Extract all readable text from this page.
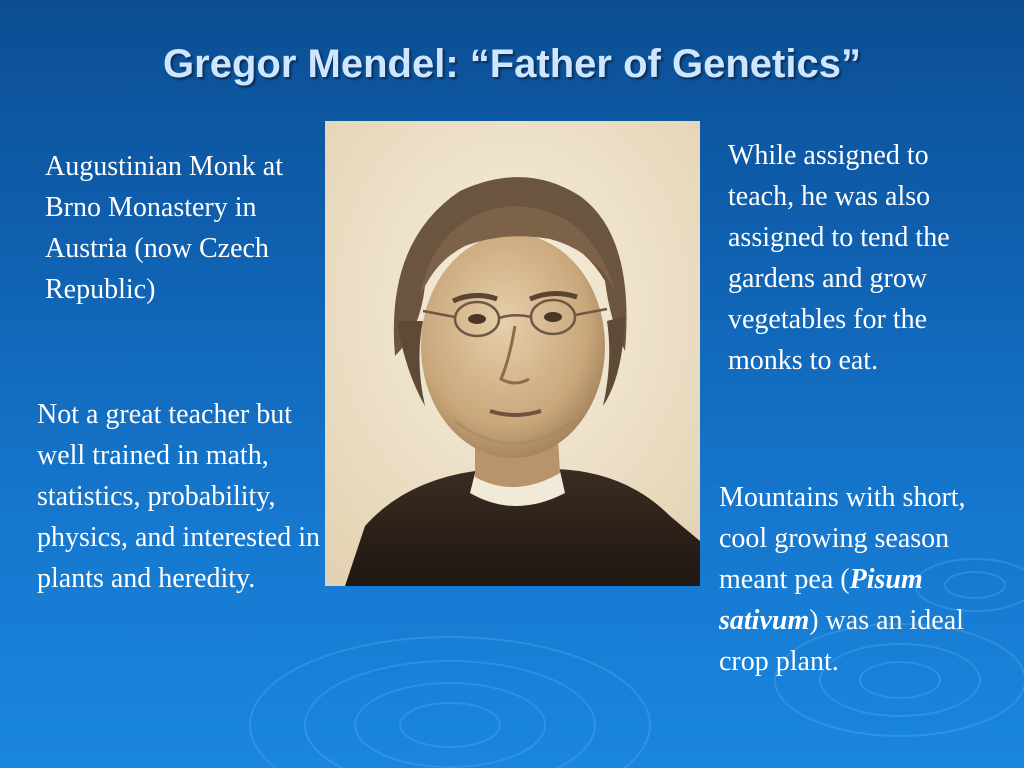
Gregor Mendel: “Father of Genetics”

Augustinian Monk at Brno Monastery in Austria (now Czech Republic)

Not a great teacher but well trained in math, statistics, probability, physics, and interested in plants and heredity.

While assigned to teach, he was also assigned to tend the gardens and grow vegetables for the monks to eat.

Mountains with short, cool growing season meant pea (Pisum sativum) was an ideal crop plant.
